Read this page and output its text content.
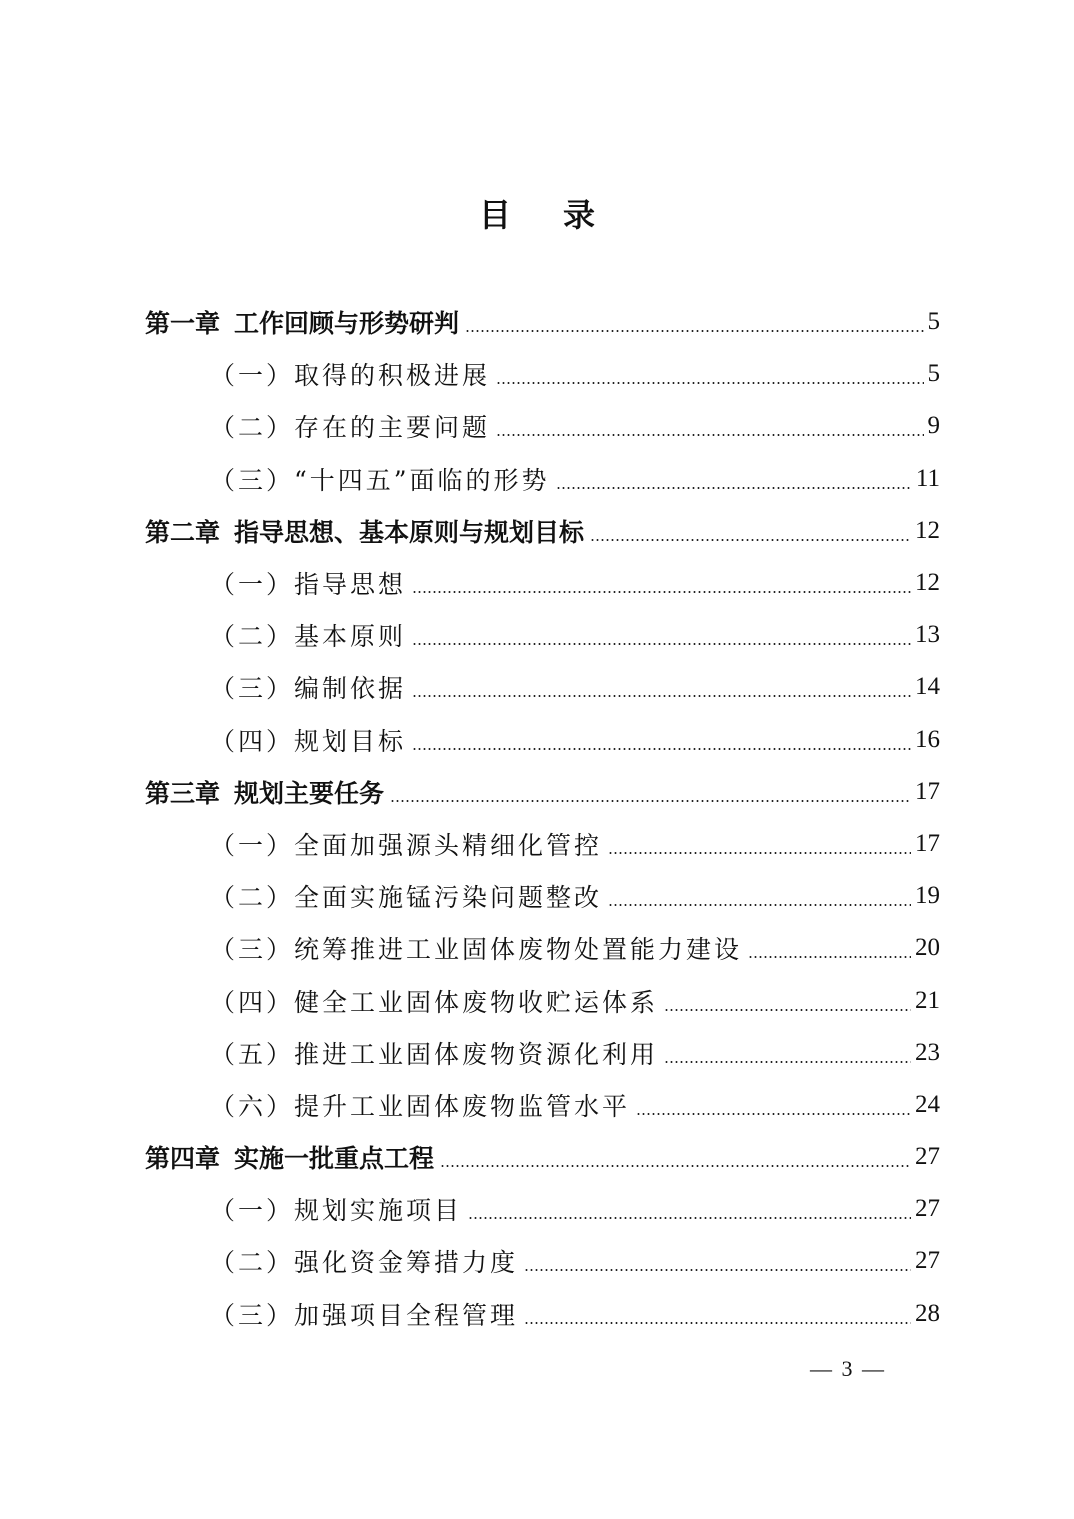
目 录
第一章 工作回顾与形势研判	5
（一）取得的积极进展	5
（二）存在的主要问题	9
（三）“十四五”面临的形势	11
第二章 指导思想、基本原则与规划目标	12
（一）指导思想	12
（二）基本原则	13
（三）编制依据	14
（四）规划目标	16
第三章 规划主要任务	17
（一）全面加强源头精细化管控	17
（二）全面实施锰污染问题整改	19
（三）统筹推进工业固体废物处置能力建设	20
（四）健全工业固体废物收贮运体系	21
（五）推进工业固体废物资源化利用	23
（六）提升工业固体废物监管水平	24
第四章 实施一批重点工程	27
（一）规划实施项目	27
（二）强化资金筹措力度	27
（三）加强项目全程管理	28
— 3 —
